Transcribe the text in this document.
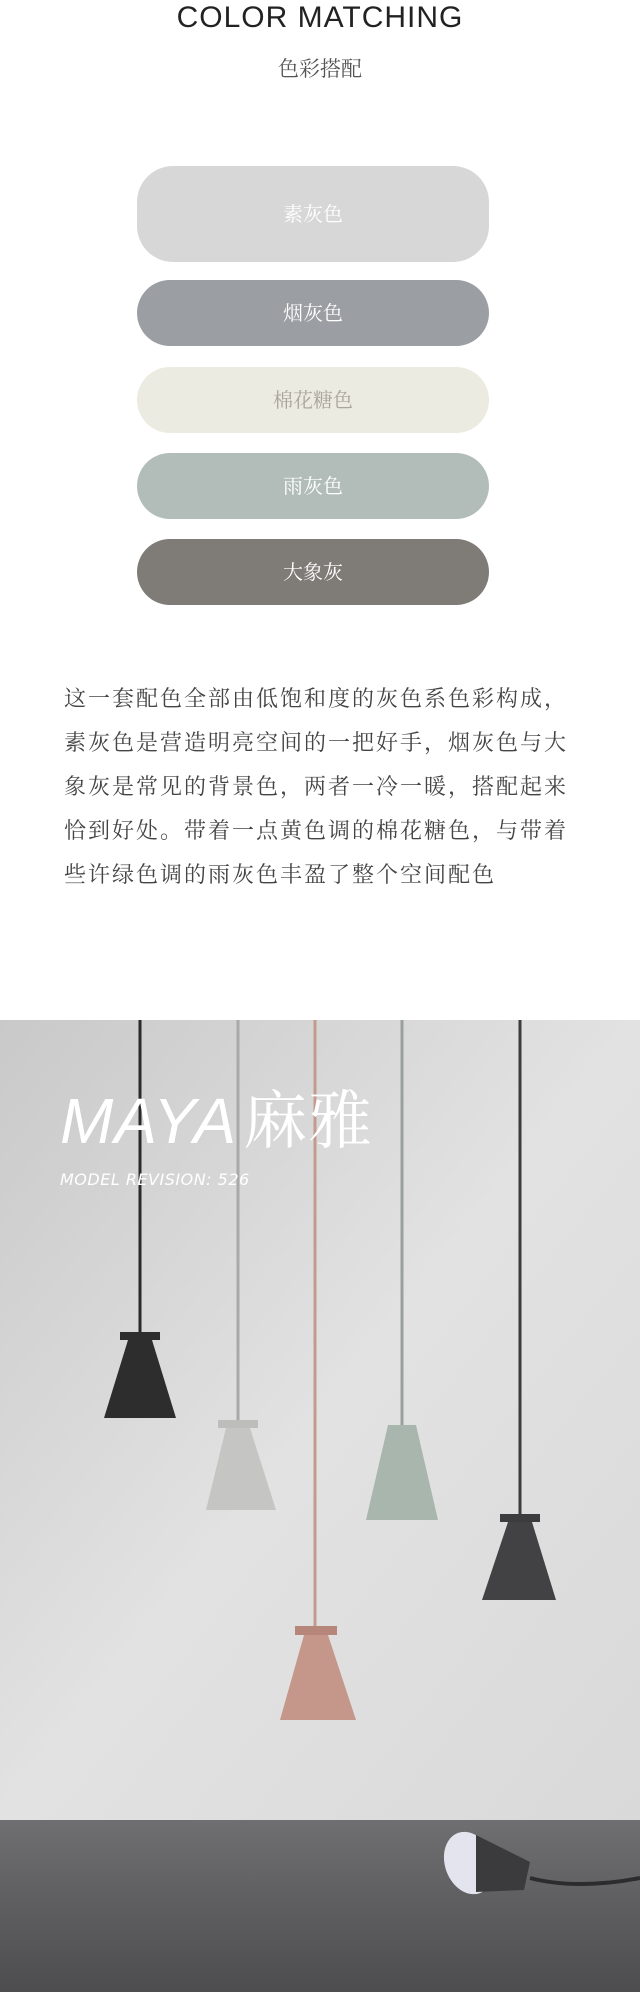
COLOR MATCHING
色彩搭配
素灰色
烟灰色
棉花糖色
雨灰色
大象灰
这一套配色全部由低饱和度的灰色系色彩构成，素灰色是营造明亮空间的一把好手，烟灰色与大象灰是常见的背景色，两者一冷一暖，搭配起来恰到好处。带着一点黄色调的棉花糖色，与带着些许绿色调的雨灰色丰盈了整个空间配色
MAYA麻雅
MODEL REVISION: 526
